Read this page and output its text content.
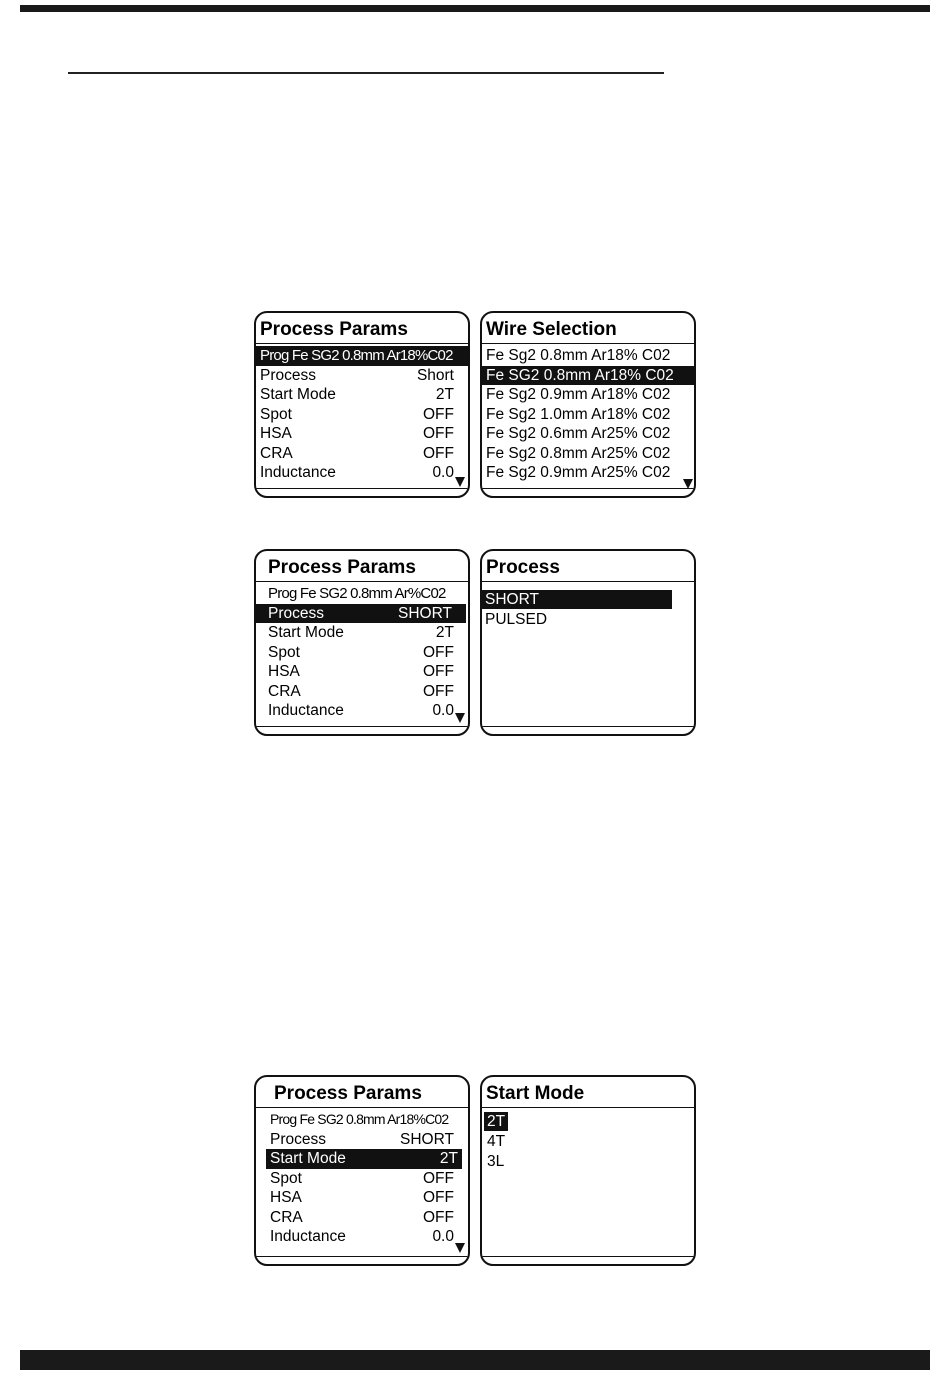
Process Params
Prog Fe SG2 0.8mm Ar18%C02
Process	Short
Start Mode	2T
Spot	OFF
HSA	OFF
CRA	OFF
Inductance	0.0
Wire Selection
Fe Sg2 0.8mm Ar18% C02
Fe SG2 0.8mm Ar18% C02
Fe Sg2 0.9mm Ar18% C02
Fe Sg2 1.0mm Ar18% C02
Fe Sg2 0.6mm Ar25% C02
Fe Sg2 0.8mm Ar25% C02
Fe Sg2 0.9mm Ar25% C02
Process Params
Prog Fe SG2 0.8mm Ar%C02
Process	SHORT
Start Mode	2T
Spot	OFF
HSA	OFF
CRA	OFF
Inductance	0.0
Process
SHORT
PULSED
Process Params
Prog Fe SG2 0.8mm Ar18%C02
Process	SHORT
Start Mode	2T
Spot	OFF
HSA	OFF
CRA	OFF
Inductance	0.0
Start Mode
2T
4T
3L
